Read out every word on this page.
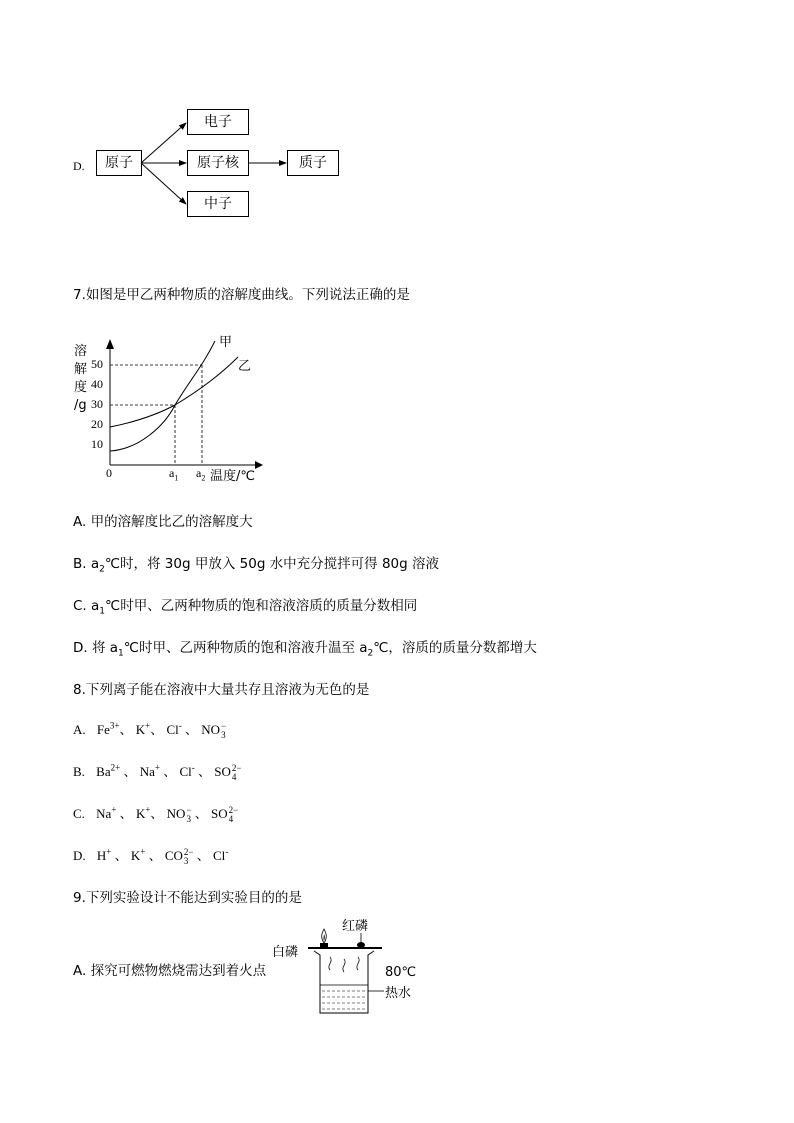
D.	原子
电子
原子核
中子
质子
7.如图是甲乙两种物质的溶解度曲线。下列说法正确的是
溶
解
度
/g
50
40
30
20
10
0	$a_1$ $a_2$ 温度/℃
甲
乙
A. 甲的溶解度比乙的溶解度大
B. $a_2℃$时，将 30g 甲放入 50g 水中充分搅拌可得 80g 溶液
C. $a_1℃$时甲、乙两种物质的饱和溶液溶质的质量分数相同
D. 将 $a_1℃$时甲、乙两种物质的饱和溶液升温至 $a_2℃$，溶质的质量分数都增大
8.下列离子能在溶液中大量共存且溶液为无色的是
A. $Fe^{3+}$、 K+、 Cl- 、 NO −
3
B. $Ba^{2+}$ 、 Na+ 、 Cl- 、 SO 2−
4
C. Na+ 、 K+、 NO −
3 、 SO 2−
4
D. H+ 、 K+ 、 CO 2−
3 、 Cl-
9.下列实验设计不能达到实验目的的是
A. 探究可燃物燃烧需达到着火点
红磷
白磷
80℃
热水
